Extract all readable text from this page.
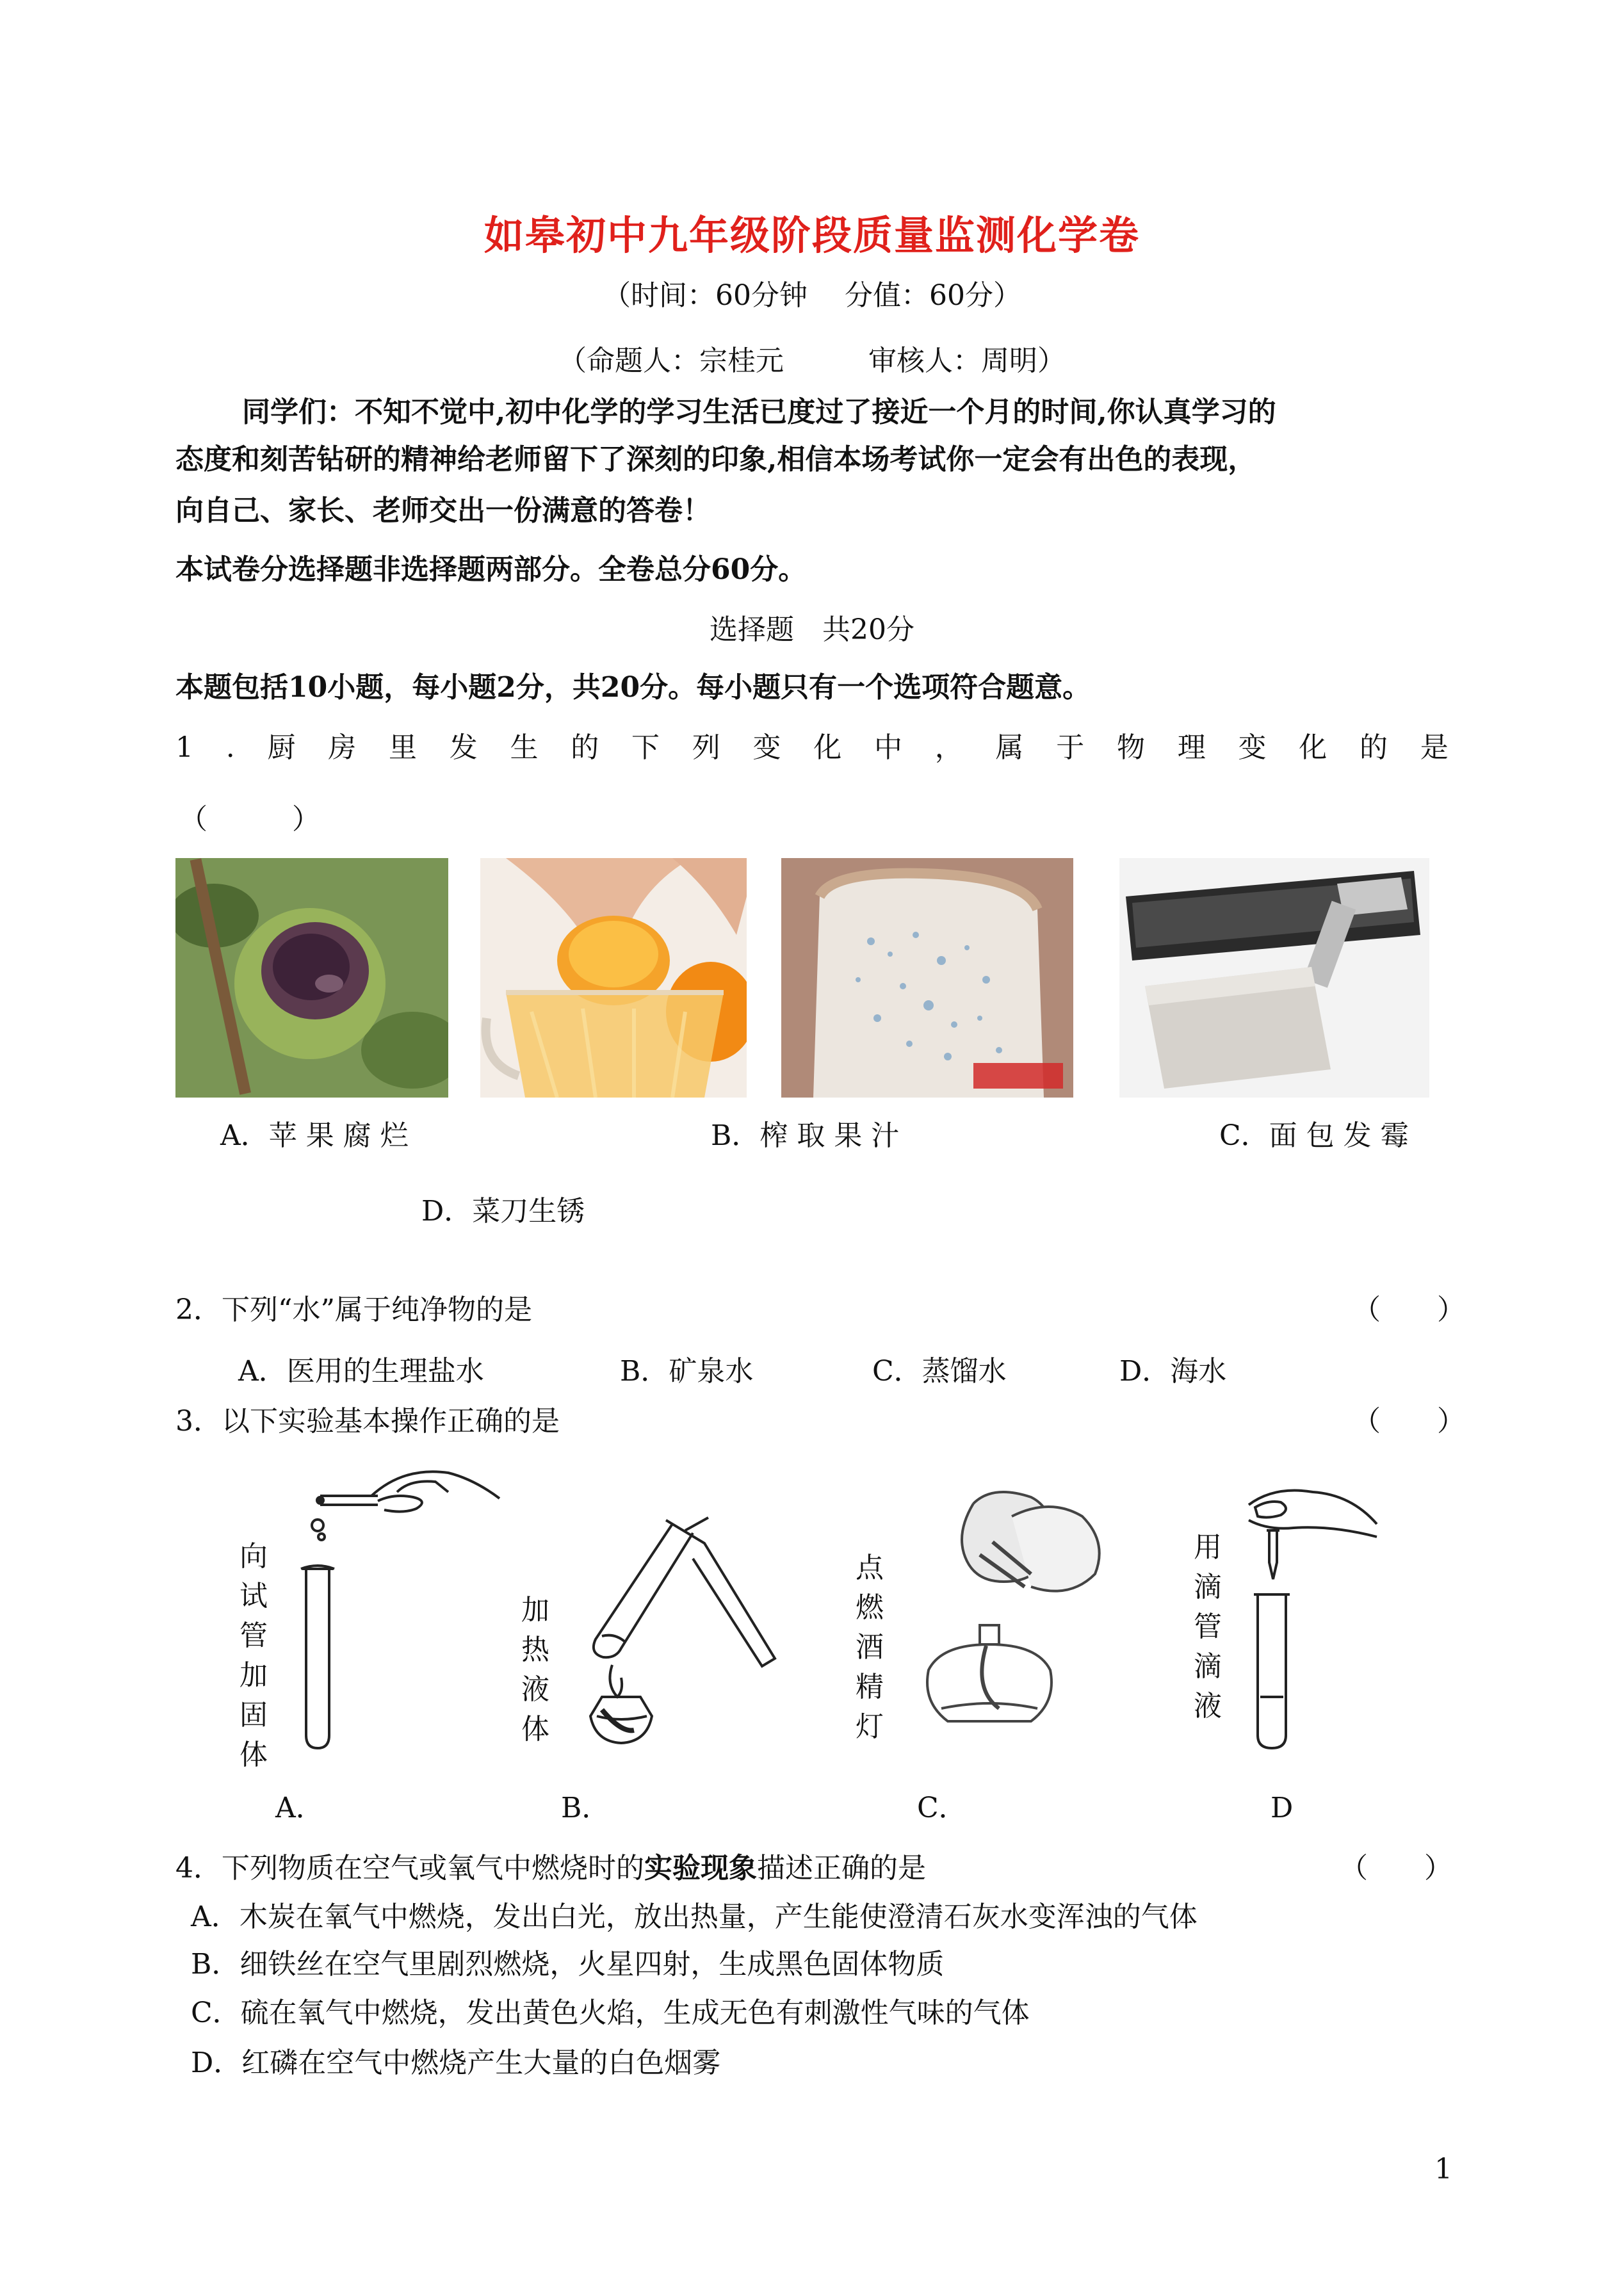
如皋初中九年级阶段质量监测化学卷
（时间：60分钟　 分值：60分）
（命题人：宗桂元　　　审核人：周明）
同学们：不知不觉中,初中化学的学习生活已度过了接近一个月的时间,你认真学习的
态度和刻苦钻研的精神给老师留下了深刻的印象,相信本场考试你一定会有出色的表现，
向自己、家长、老师交出一份满意的答卷！
本试卷分选择题非选择题两部分。全卷总分60分。
选择题　共20分
本题包括10小题，每小题2分，共20分。每小题只有一个选项符合题意。
1 . 厨 房 里 发 生 的 下 列 变 化 中 ， 属 于 物 理 变 化 的 是
（　　　）
A．苹 果 腐 烂	B．榨 取 果 汁	C．面 包 发 霉
D．菜刀生锈
2．下列“水”属于纯净物的是	（　　）
A．医用的生理盐水	B．矿泉水	C．蒸馏水	D．海水
3．以下实验基本操作正确的是	（　　）
向试管加固体
加热液体
点燃酒精灯
用滴管滴液
A．	B．	C．	D
4．下列物质在空气或氧气中燃烧时的实验现象描述正确的是	（　　）
A．木炭在氧气中燃烧，发出白光，放出热量，产生能使澄清石灰水变浑浊的气体
B．细铁丝在空气里剧烈燃烧，火星四射，生成黑色固体物质
C．硫在氧气中燃烧，发出黄色火焰，生成无色有刺激性气味的气体
D．红磷在空气中燃烧产生大量的白色烟雾
1
